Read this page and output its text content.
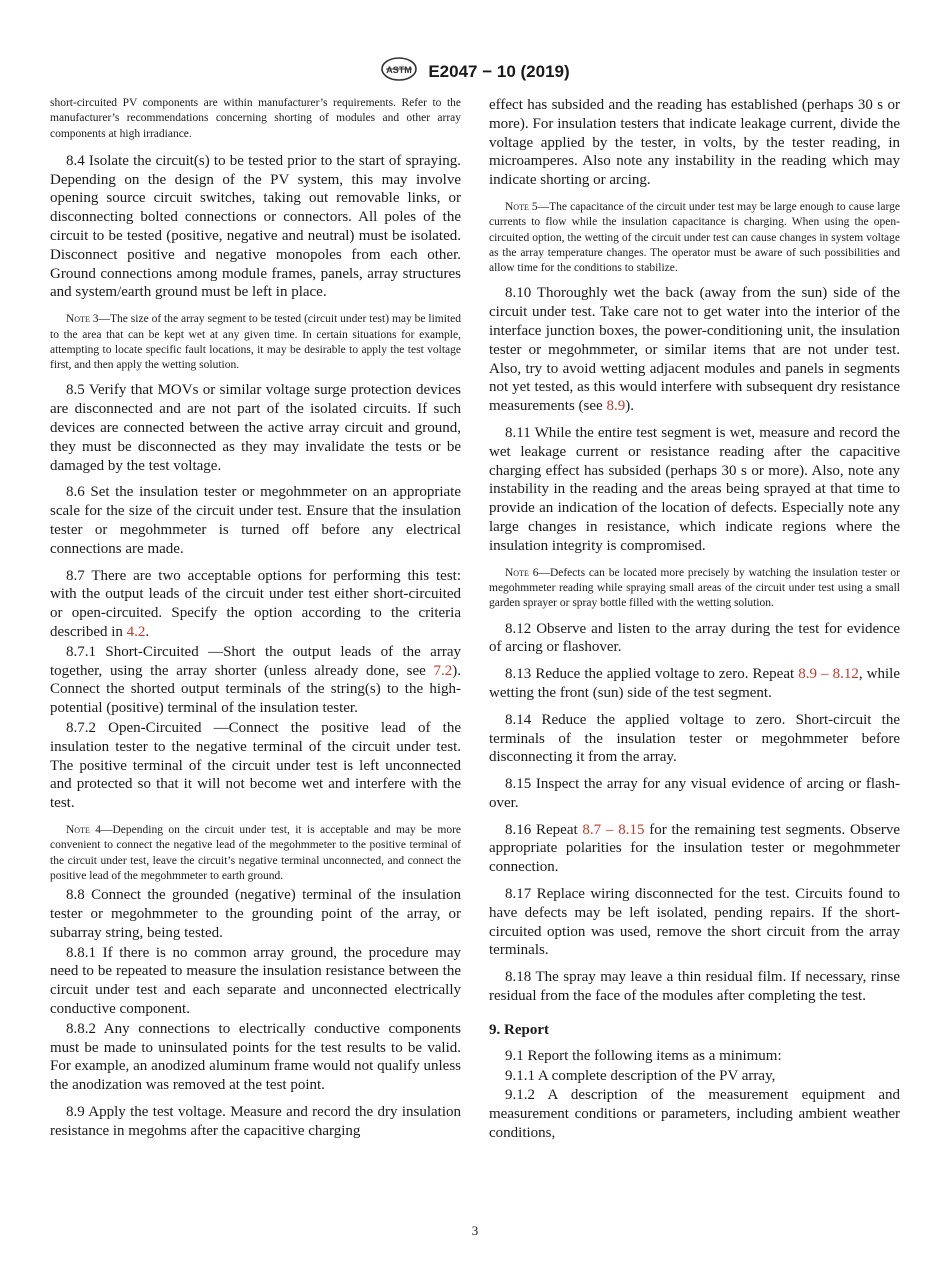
ASTM E2047 − 10 (2019)

short-circuited PV components are within manufacturer’s requirements. Refer to the manufacturer’s recommendations concerning shorting of modules and other array components at high irradiance.

8.4 Isolate the circuit(s) to be tested prior to the start of spraying. Depending on the design of the PV system, this may involve opening source circuit switches, taking out removable links, or disconnecting bolted connections or connectors. All poles of the circuit to be tested (positive, negative and neutral) must be isolated. Disconnect positive and negative monopoles from each other. Ground connections among module frames, panels, array structures and system/earth ground must be left in place.

Note 3—The size of the array segment to be tested (circuit under test) may be limited to the area that can be kept wet at any given time. In certain situations for example, attempting to locate specific fault locations, it may be desirable to apply the test voltage first, and then apply the wetting solution.

8.5 Verify that MOVs or similar voltage surge protection devices are disconnected and are not part of the isolated circuits. If such devices are connected between the active array circuit and ground, they must be disconnected as they may invalidate the tests or be damaged by the test voltage.

8.6 Set the insulation tester or megohmmeter on an appropriate scale for the size of the circuit under test. Ensure that the insulation tester or megohmmeter is turned off before any electrical connections are made.

8.7 There are two acceptable options for performing this test: with the output leads of the circuit under test either short-circuited or open-circuited. Specify the option according to the criteria described in 4.2.

8.7.1 Short-Circuited —Short the output leads of the array together, using the array shorter (unless already done, see 7.2). Connect the shorted output terminals of the string(s) to the high-potential (positive) terminal of the insulation tester.

8.7.2 Open-Circuited —Connect the positive lead of the insulation tester to the negative terminal of the circuit under test. The positive terminal of the circuit under test is left unconnected and protected so that it will not become wet and interfere with the test.

Note 4—Depending on the circuit under test, it is acceptable and may be more convenient to connect the negative lead of the megohmmeter to the positive terminal of the circuit under test, leave the circuit’s negative terminal unconnected, and connect the positive lead of the megohmmeter to earth ground.

8.8 Connect the grounded (negative) terminal of the insulation tester or megohmmeter to the grounding point of the array, or subarray string, being tested.

8.8.1 If there is no common array ground, the procedure may need to be repeated to measure the insulation resistance between the circuit under test and each separate and unconnected electrically conductive component.

8.8.2 Any connections to electrically conductive components must be made to uninsulated points for the test results to be valid. For example, an anodized aluminum frame would not qualify unless the anodization was removed at the test point.

8.9 Apply the test voltage. Measure and record the dry insulation resistance in megohms after the capacitive charging

effect has subsided and the reading has established (perhaps 30 s or more). For insulation testers that indicate leakage current, divide the voltage applied by the tester, in volts, by the tester reading, in microamperes. Also note any instability in the reading which may indicate shorting or arcing.

Note 5—The capacitance of the circuit under test may be large enough to cause large currents to flow while the insulation capacitance is charging. When using the open-circuited option, the wetting of the circuit under test can cause changes in system voltage as the array temperature changes. The operator must be aware of such possibilities and allow time for the conditions to stabilize.

8.10 Thoroughly wet the back (away from the sun) side of the circuit under test. Take care not to get water into the interior of the interface junction boxes, the power-conditioning unit, the insulation tester or megohmmeter, or similar items that are not under test. Also, try to avoid wetting adjacent modules and panels in segments not yet tested, as this would interfere with subsequent dry resistance measurements (see 8.9).

8.11 While the entire test segment is wet, measure and record the wet leakage current or resistance reading after the capacitive charging effect has subsided (perhaps 30 s or more). Also, note any instability in the reading and the areas being sprayed at that time to provide an indication of the location of defects. Especially note any large changes in resistance, which indicate regions where the insulation integrity is compromised.

Note 6—Defects can be located more precisely by watching the insulation tester or megohmmeter reading while spraying small areas of the circuit under test using a small garden sprayer or spray bottle filled with the wetting solution.

8.12 Observe and listen to the array during the test for evidence of arcing or flashover.

8.13 Reduce the applied voltage to zero. Repeat 8.9 – 8.12, while wetting the front (sun) side of the test segment.

8.14 Reduce the applied voltage to zero. Short-circuit the terminals of the insulation tester or megohmmeter before disconnecting it from the array.

8.15 Inspect the array for any visual evidence of arcing or flash-over.

8.16 Repeat 8.7 – 8.15 for the remaining test segments. Observe appropriate polarities for the insulation tester or megohmmeter connection.

8.17 Replace wiring disconnected for the test. Circuits found to have defects may be left isolated, pending repairs. If the short-circuited option was used, remove the short circuit from the array terminals.

8.18 The spray may leave a thin residual film. If necessary, rinse residual from the face of the modules after completing the test.

9. Report

9.1 Report the following items as a minimum:

9.1.1 A complete description of the PV array,

9.1.2 A description of the measurement equipment and measurement conditions or parameters, including ambient weather conditions,

3
